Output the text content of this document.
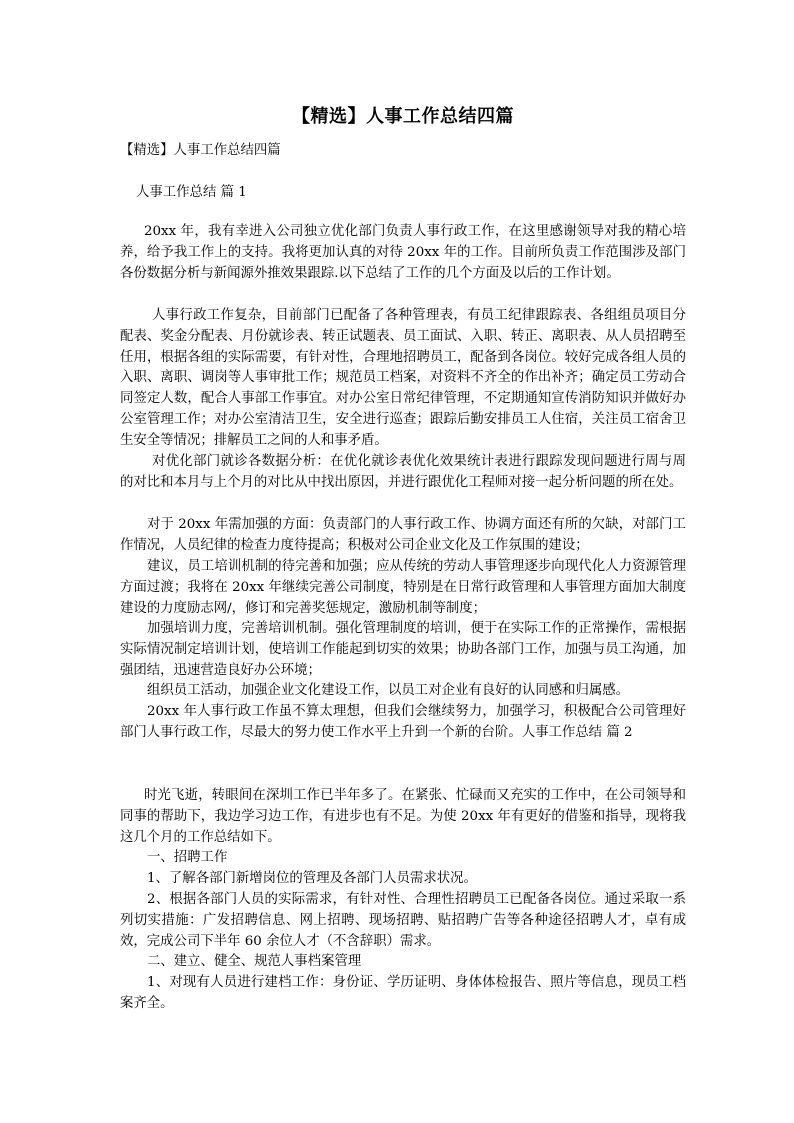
【精选】人事工作总结四篇

【精选】人事工作总结四篇

人事工作总结 篇 1

20xx 年，我有幸进入公司独立优化部门负责人事行政工作，在这里感谢领导对我的精心培养，给予我工作上的支持。我将更加认真的对待 20xx 年的工作。目前所负责工作范围涉及部门各份数据分析与新闻源外推效果跟踪.以下总结了工作的几个方面及以后的工作计划。

人事行政工作复杂，目前部门已配备了各种管理表，有员工纪律跟踪表、各组组员项目分配表、奖金分配表、月份就诊表、转正试题表、员工面试、入职、转正、离职表、从人员招聘至任用，根据各组的实际需要，有针对性，合理地招聘员工，配备到各岗位。较好完成各组人员的入职、离职、调岗等人事审批工作；规范员工档案，对资料不齐全的作出补齐；确定员工劳动合同签定人数，配合人事部工作事宜。对办公室日常纪律管理，不定期通知宣传消防知识并做好办公室管理工作；对办公室清洁卫生，安全进行巡查；跟踪后勤安排员工人住宿，关注员工宿舍卫生安全等情况；排解员工之间的人和事矛盾。

对优化部门就诊各数据分析：在优化就诊表优化效果统计表进行跟踪发现问题进行周与周的对比和本月与上个月的对比从中找出原因，并进行跟优化工程师对接一起分析问题的所在处。

对于 20xx 年需加强的方面：负责部门的人事行政工作、协调方面还有所的欠缺，对部门工作情况，人员纪律的检查力度待提高；积极对公司企业文化及工作氛围的建设；

建议，员工培训机制的待完善和加强；应从传统的劳动人事管理逐步向现代化人力资源管理方面过渡；我将在 20xx 年继续完善公司制度，特别是在日常行政管理和人事管理方面加大制度建设的力度励志网/，修订和完善奖惩规定，激励机制等制度；

加强培训力度，完善培训机制。强化管理制度的培训，便于在实际工作的正常操作，需根据实际情况制定培训计划，使培训工作能起到切实的效果；协助各部门工作，加强与员工沟通，加强团结，迅速营造良好办公环境；

组织员工活动，加强企业文化建设工作，以员工对企业有良好的认同感和归属感。

20xx 年人事行政工作虽不算太理想，但我们会继续努力，加强学习，积极配合公司管理好部门人事行政工作，尽最大的努力使工作水平上升到一个新的台阶。人事工作总结 篇 2

时光飞逝，转眼间在深圳工作已半年多了。在紧张、忙碌而又充实的工作中，在公司领导和同事的帮助下，我边学习边工作，有进步也有不足。为使 20xx 年有更好的借鉴和指导，现将我这几个月的工作总结如下。

一、招聘工作

1、了解各部门新增岗位的管理及各部门人员需求状况。

2、根据各部门人员的实际需求，有针对性、合理性招聘员工已配备各岗位。通过采取一系列切实措施：广发招聘信息、网上招聘、现场招聘、贴招聘广告等各种途径招聘人才，卓有成效，完成公司下半年 60 余位人才（不含辞职）需求。

二、建立、健全、规范人事档案管理

1、对现有人员进行建档工作：身份证、学历证明、身体体检报告、照片等信息，现员工档案齐全。
